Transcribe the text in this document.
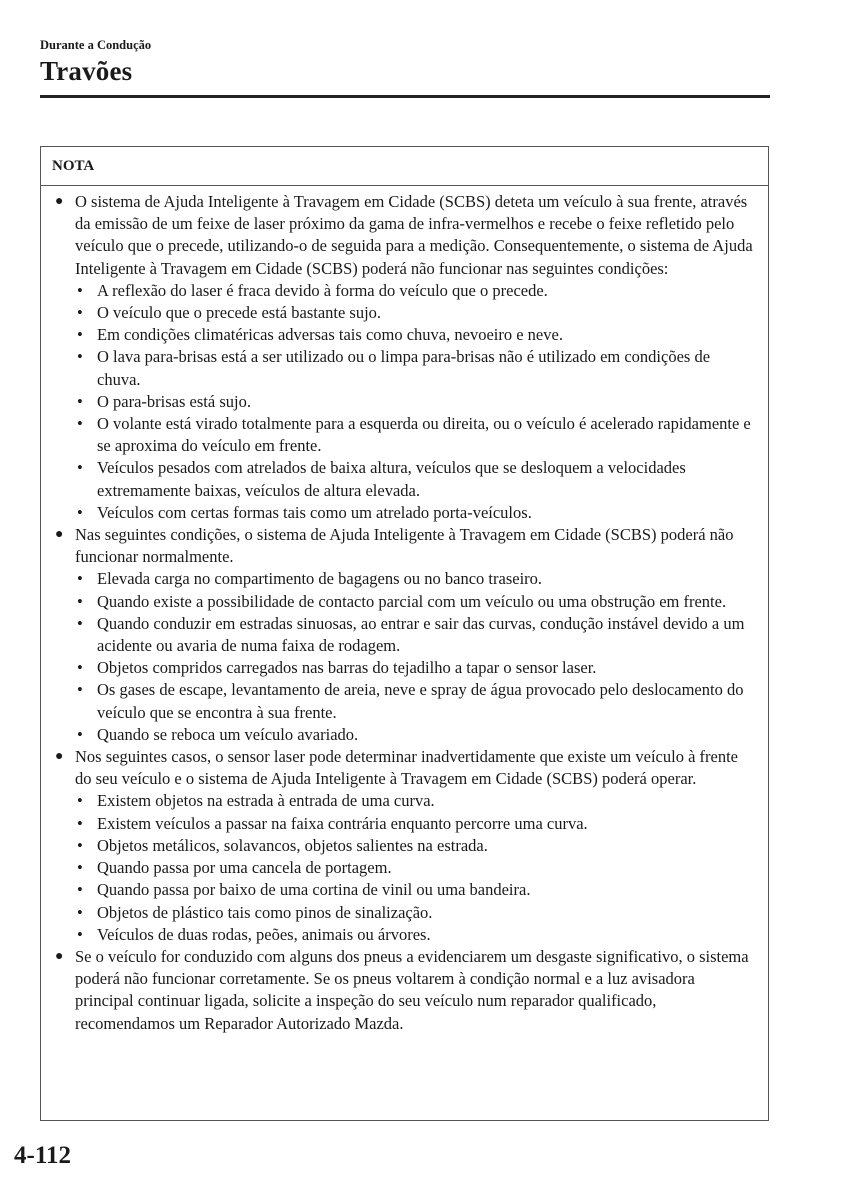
Durante a Condução
Travões
NOTA
● O sistema de Ajuda Inteligente à Travagem em Cidade (SCBS) deteta um veículo à sua frente, através da emissão de um feixe de laser próximo da gama de infra-vermelhos e recebe o feixe refletido pelo veículo que o precede, utilizando-o de seguida para a medição. Consequentemente, o sistema de Ajuda Inteligente à Travagem em Cidade (SCBS) poderá não funcionar nas seguintes condições:
• A reflexão do laser é fraca devido à forma do veículo que o precede.
• O veículo que o precede está bastante sujo.
• Em condições climatéricas adversas tais como chuva, nevoeiro e neve.
• O lava para-brisas está a ser utilizado ou o limpa para-brisas não é utilizado em condições de chuva.
• O para-brisas está sujo.
• O volante está virado totalmente para a esquerda ou direita, ou o veículo é acelerado rapidamente e se aproxima do veículo em frente.
• Veículos pesados com atrelados de baixa altura, veículos que se desloquem a velocidades extremamente baixas, veículos de altura elevada.
• Veículos com certas formas tais como um atrelado porta-veículos.
● Nas seguintes condições, o sistema de Ajuda Inteligente à Travagem em Cidade (SCBS) poderá não funcionar normalmente.
• Elevada carga no compartimento de bagagens ou no banco traseiro.
• Quando existe a possibilidade de contacto parcial com um veículo ou uma obstrução em frente.
• Quando conduzir em estradas sinuosas, ao entrar e sair das curvas, condução instável devido a um acidente ou avaria de numa faixa de rodagem.
• Objetos compridos carregados nas barras do tejadilho a tapar o sensor laser.
• Os gases de escape, levantamento de areia, neve e spray de água provocado pelo deslocamento do veículo que se encontra à sua frente.
• Quando se reboca um veículo avariado.
● Nos seguintes casos, o sensor laser pode determinar inadvertidamente que existe um veículo à frente do seu veículo e o sistema de Ajuda Inteligente à Travagem em Cidade (SCBS) poderá operar.
• Existem objetos na estrada à entrada de uma curva.
• Existem veículos a passar na faixa contrária enquanto percorre uma curva.
• Objetos metálicos, solavancos, objetos salientes na estrada.
• Quando passa por uma cancela de portagem.
• Quando passa por baixo de uma cortina de vinil ou uma bandeira.
• Objetos de plástico tais como pinos de sinalização.
• Veículos de duas rodas, peões, animais ou árvores.
● Se o veículo for conduzido com alguns dos pneus a evidenciarem um desgaste significativo, o sistema poderá não funcionar corretamente. Se os pneus voltarem à condição normal e a luz avisadora principal continuar ligada, solicite a inspeção do seu veículo num reparador qualificado, recomendamos um Reparador Autorizado Mazda.
4-112
